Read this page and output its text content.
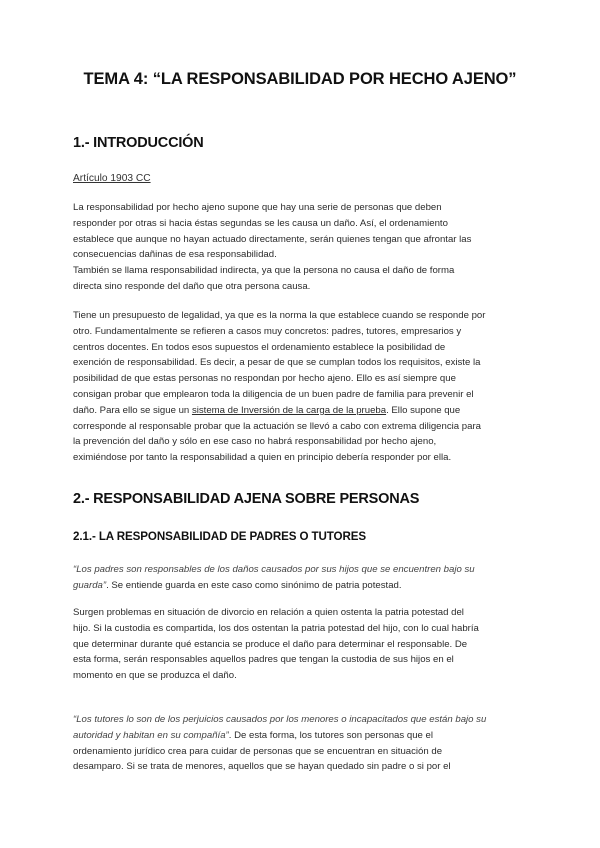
TEMA 4: “LA RESPONSABILIDAD POR HECHO AJENO”
1.- INTRODUCCIÓN
Artículo 1903 CC
La responsabilidad por hecho ajeno supone que hay una serie de personas que deben
responder por otras si hacia éstas segundas se les causa un daño. Así, el ordenamiento
establece que aunque no hayan actuado directamente, serán quienes tengan que afrontar las
consecuencias dañinas de esa responsabilidad.
También se llama responsabilidad indirecta, ya que la persona no causa el daño de forma
directa sino responde del daño que otra persona causa.
Tiene un presupuesto de legalidad, ya que es la norma la que establece cuando se responde por
otro. Fundamentalmente se refieren a casos muy concretos: padres, tutores, empresarios y
centros docentes. En todos esos supuestos el ordenamiento establece la posibilidad de
exención de responsabilidad. Es decir, a pesar de que se cumplan todos los requisitos, existe la
posibilidad de que estas personas no respondan por hecho ajeno. Ello es así siempre que
consigan probar que emplearon toda la diligencia de un buen padre de familia para prevenir el
daño. Para ello se sigue un sistema de Inversión de la carga de la prueba. Ello supone que
corresponde al responsable probar que la actuación se llevó a cabo con extrema diligencia para
la prevención del daño y sólo en ese caso no habrá responsabilidad por hecho ajeno,
eximiéndose por tanto la responsabilidad a quien en principio debería responder por ella.
2.- RESPONSABILIDAD AJENA SOBRE PERSONAS
2.1.- LA RESPONSABILIDAD DE PADRES O TUTORES
“Los padres son responsables de los daños causados por sus hijos que se encuentren bajo su
guarda”. Se entiende guarda en este caso como sinónimo de patria potestad.
Surgen problemas en situación de divorcio en relación a quien ostenta la patria potestad del
hijo. Si la custodia es compartida, los dos ostentan la patria potestad del hijo, con lo cual habría
que determinar durante qué estancia se produce el daño para determinar el responsable. De
esta forma, serán responsables aquellos padres que tengan la custodia de sus hijos en el
momento en que se produzca el daño.
“Los tutores lo son de los perjuicios causados por los menores o incapacitados que están bajo su
autoridad y habitan en su compañía”. De esta forma, los tutores son personas que el
ordenamiento jurídico crea para cuidar de personas que se encuentran en situación de
desamparo. Si se trata de menores, aquellos que se hayan quedado sin padre o si por el
